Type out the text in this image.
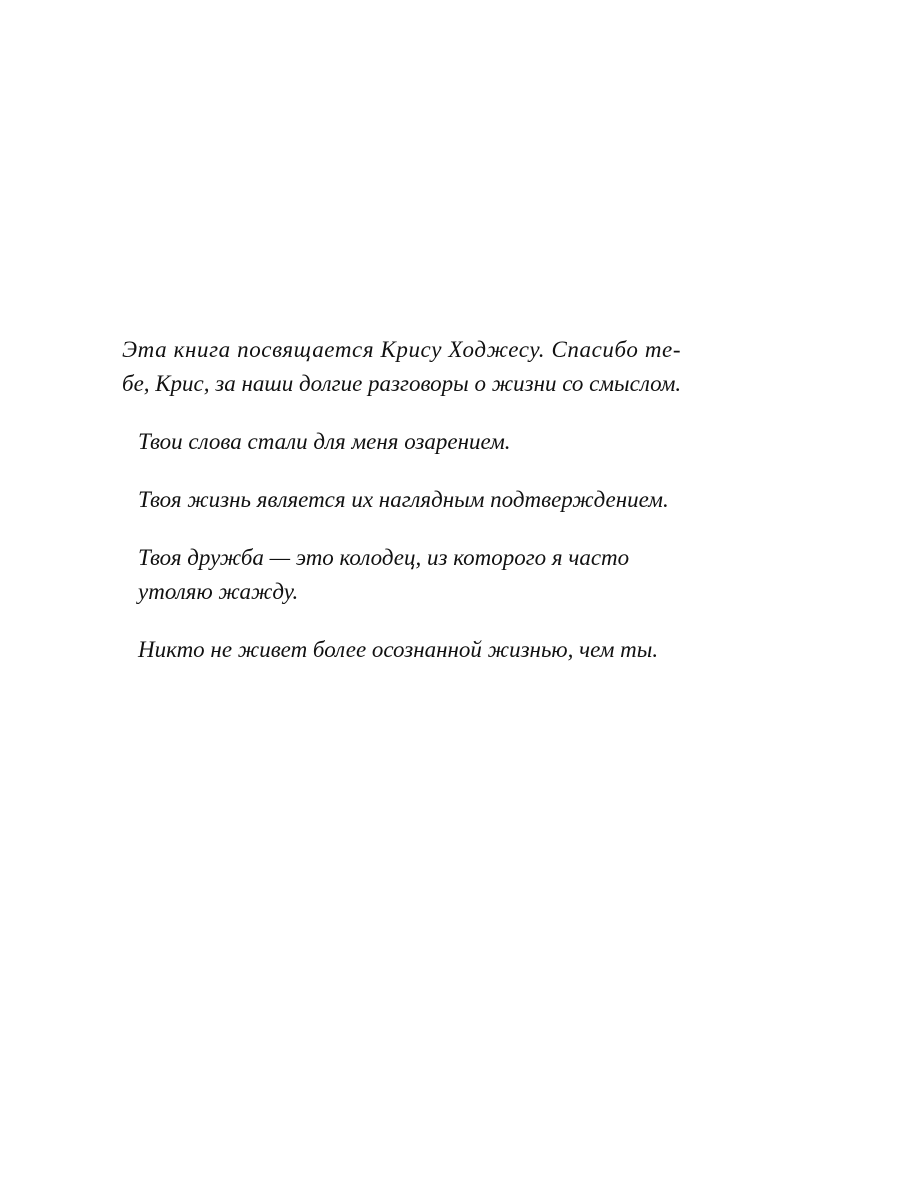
Эта книга посвящается Крису Ходжесу. Спасибо те-
бе, Крис, за наши долгие разговоры о жизни со смыслом.
Твои слова стали для меня озарением.
Твоя жизнь является их наглядным подтверждением.
Твоя дружба — это колодец, из которого я часто
утоляю жажду.
Никто не живет более осознанной жизнью, чем ты.
